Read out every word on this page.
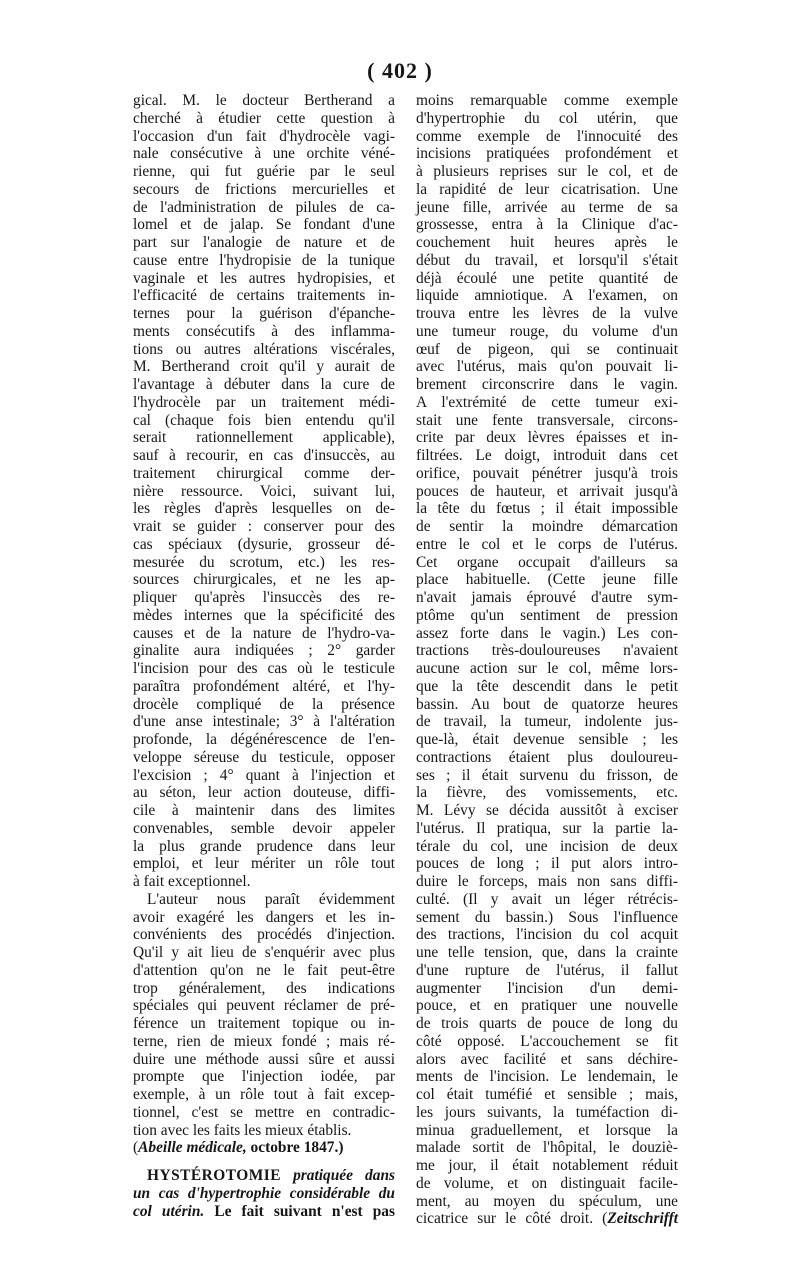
( 402 )
gical. M. le docteur Bertherand a
cherché à étudier cette question à
l'occasion d'un fait d'hydrocèle vagi-
nale consécutive à une orchite véné-
rienne, qui fut guérie par le seul
secours de frictions mercurielles et
de l'administration de pilules de ca-
lomel et de jalap. Se fondant d'une
part sur l'analogie de nature et de
cause entre l'hydropisie de la tunique
vaginale et les autres hydropisies, et
l'efficacité de certains traitements in-
ternes pour la guérison d'épanche-
ments consécutifs à des inflamma-
tions ou autres altérations viscérales,
M. Bertherand croit qu'il y aurait de
l'avantage à débuter dans la cure de
l'hydrocèle par un traitement médi-
cal (chaque fois bien entendu qu'il
serait rationnellement applicable),
sauf à recourir, en cas d'insuccès, au
traitement chirurgical comme der-
nière ressource. Voici, suivant lui,
les règles d'après lesquelles on de-
vrait se guider : conserver pour des
cas spéciaux (dysurie, grosseur dé-
mesurée du scrotum, etc.) les res-
sources chirurgicales, et ne les ap-
pliquer qu'après l'insuccès des re-
mèdes internes que la spécificité des
causes et de la nature de l'hydro-va-
ginalite aura indiquées ; 2° garder
l'incision pour des cas où le testicule
paraîtra profondément altéré, et l'hy-
drocèle compliqué de la présence
d'une anse intestinale; 3° à l'altération
profonde, la dégénérescence de l'en-
veloppe séreuse du testicule, opposer
l'excision ; 4° quant à l'injection et
au séton, leur action douteuse, diffi-
cile à maintenir dans des limites
convenables, semble devoir appeler
la plus grande prudence dans leur
emploi, et leur mériter un rôle tout
à fait exceptionnel.
L'auteur nous paraît évidemment
avoir exagéré les dangers et les in-
convénients des procédés d'injection.
Qu'il y ait lieu de s'enquérir avec plus
d'attention qu'on ne le fait peut-être
trop généralement, des indications
spéciales qui peuvent réclamer de pré-
férence un traitement topique ou in-
terne, rien de mieux fondé ; mais ré-
duire une méthode aussi sûre et aussi
prompte que l'injection iodée, par
exemple, à un rôle tout à fait excep-
tionnel, c'est se mettre en contradic-
tion avec les faits les mieux établis.
(Abeille médicale, octobre 1847.)
HYSTÉROTOMIE pratiquée dans
un cas d'hypertrophie considérable du
col utérin. Le fait suivant n'est pas
moins remarquable comme exemple
d'hypertrophie du col utérin, que
comme exemple de l'innocuité des
incisions pratiquées profondément et
à plusieurs reprises sur le col, et de
la rapidité de leur cicatrisation. Une
jeune fille, arrivée au terme de sa
grossesse, entra à la Clinique d'ac-
couchement huit heures après le
début du travail, et lorsqu'il s'était
déjà écoulé une petite quantité de
liquide amniotique. A l'examen, on
trouva entre les lèvres de la vulve
une tumeur rouge, du volume d'un
œuf de pigeon, qui se continuait
avec l'utérus, mais qu'on pouvait li-
brement circonscrire dans le vagin.
A l'extrémité de cette tumeur exi-
stait une fente transversale, circons-
crite par deux lèvres épaisses et in-
filtrées. Le doigt, introduit dans cet
orifice, pouvait pénétrer jusqu'à trois
pouces de hauteur, et arrivait jusqu'à
la tête du fœtus ; il était impossible
de sentir la moindre démarcation
entre le col et le corps de l'utérus.
Cet organe occupait d'ailleurs sa
place habituelle. (Cette jeune fille
n'avait jamais éprouvé d'autre sym-
ptôme qu'un sentiment de pression
assez forte dans le vagin.) Les con-
tractions très-douloureuses n'avaient
aucune action sur le col, même lors-
que la tête descendit dans le petit
bassin. Au bout de quatorze heures
de travail, la tumeur, indolente jus-
que-là, était devenue sensible ; les
contractions étaient plus douloureu-
ses ; il était survenu du frisson, de
la fièvre, des vomissements, etc.
M. Lévy se décida aussitôt à exciser
l'utérus. Il pratiqua, sur la partie la-
térale du col, une incision de deux
pouces de long ; il put alors intro-
duire le forceps, mais non sans diffi-
culté. (Il y avait un léger rétrécis-
sement du bassin.) Sous l'influence
des tractions, l'incision du col acquit
une telle tension, que, dans la crainte
d'une rupture de l'utérus, il fallut
augmenter l'incision d'un demi-
pouce, et en pratiquer une nouvelle
de trois quarts de pouce de long du
côté opposé. L'accouchement se fit
alors avec facilité et sans déchire-
ments de l'incision. Le lendemain, le
col était tuméfié et sensible ; mais,
les jours suivants, la tuméfaction di-
minua graduellement, et lorsque la
malade sortit de l'hôpital, le douziè-
me jour, il était notablement réduit
de volume, et on distinguait facile-
ment, au moyen du spéculum, une
cicatrice sur le côté droit. (Zeitschrifft
